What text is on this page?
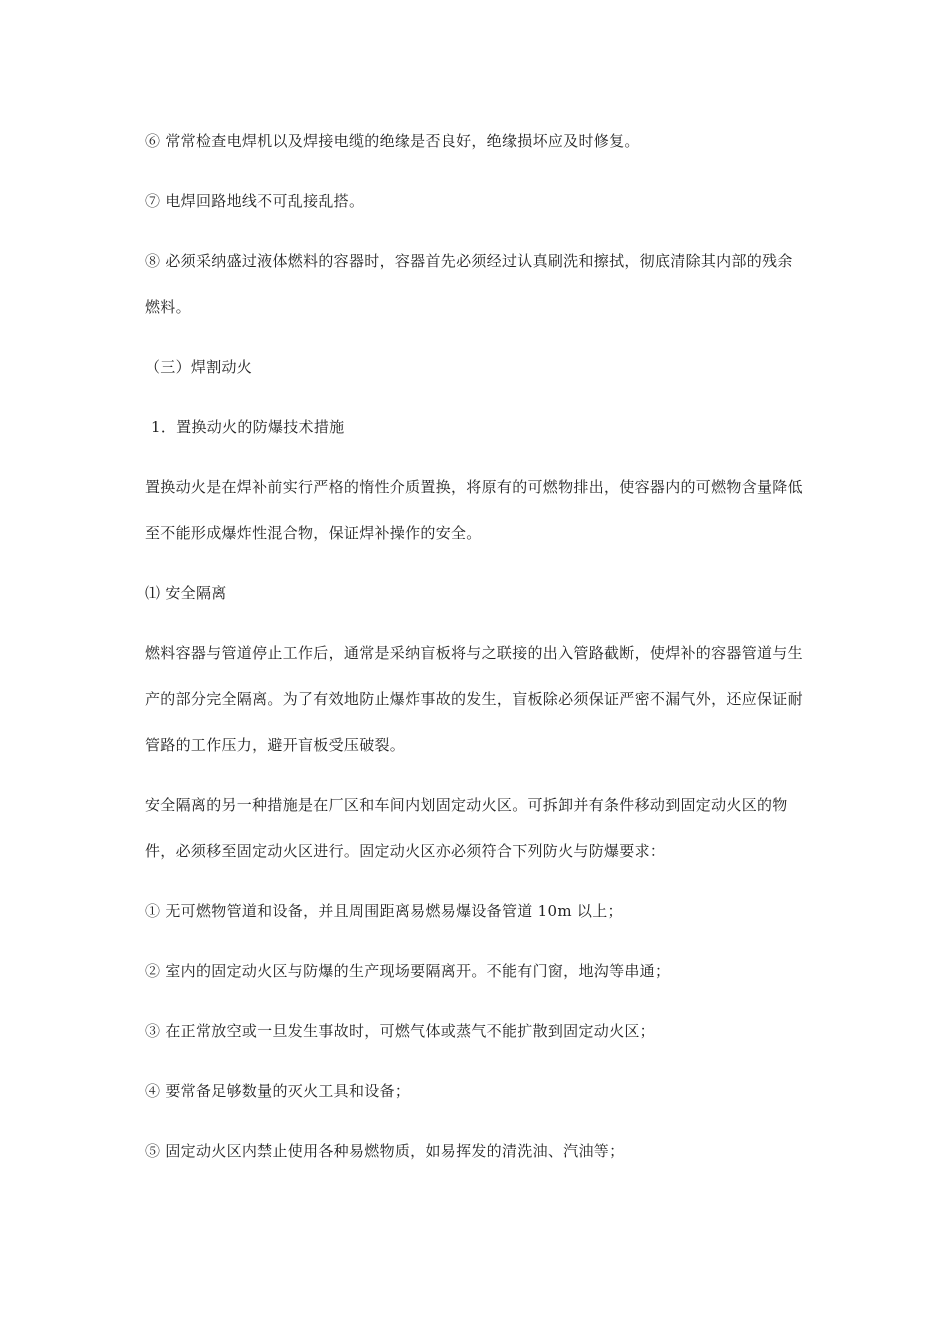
⑥ 常常检查电焊机以及焊接电缆的绝缘是否良好，绝缘损坏应及时修复。

⑦ 电焊回路地线不可乱接乱搭。

⑧ 必须采纳盛过液体燃料的容器时，容器首先必须经过认真刷洗和擦拭，彻底清除其内部的残余燃料。

（三）焊割动火

1．置换动火的防爆技术措施

置换动火是在焊补前实行严格的惰性介质置换，将原有的可燃物排出，使容器内的可燃物含量降低至不能形成爆炸性混合物，保证焊补操作的安全。

⑴ 安全隔离

燃料容器与管道停止工作后，通常是采纳盲板将与之联接的出入管路截断，使焊补的容器管道与生产的部分完全隔离。为了有效地防止爆炸事故的发生，盲板除必须保证严密不漏气外，还应保证耐管路的工作压力，避开盲板受压破裂。

安全隔离的另一种措施是在厂区和车间内划固定动火区。可拆卸并有条件移动到固定动火区的物件，必须移至固定动火区进行。固定动火区亦必须符合下列防火与防爆要求：

① 无可燃物管道和设备，并且周围距离易燃易爆设备管道 10m 以上；

② 室内的固定动火区与防爆的生产现场要隔离开。不能有门窗，地沟等串通；

③ 在正常放空或一旦发生事故时，可燃气体或蒸气不能扩散到固定动火区；

④ 要常备足够数量的灭火工具和设备；

⑤ 固定动火区内禁止使用各种易燃物质，如易挥发的清洗油、汽油等；
